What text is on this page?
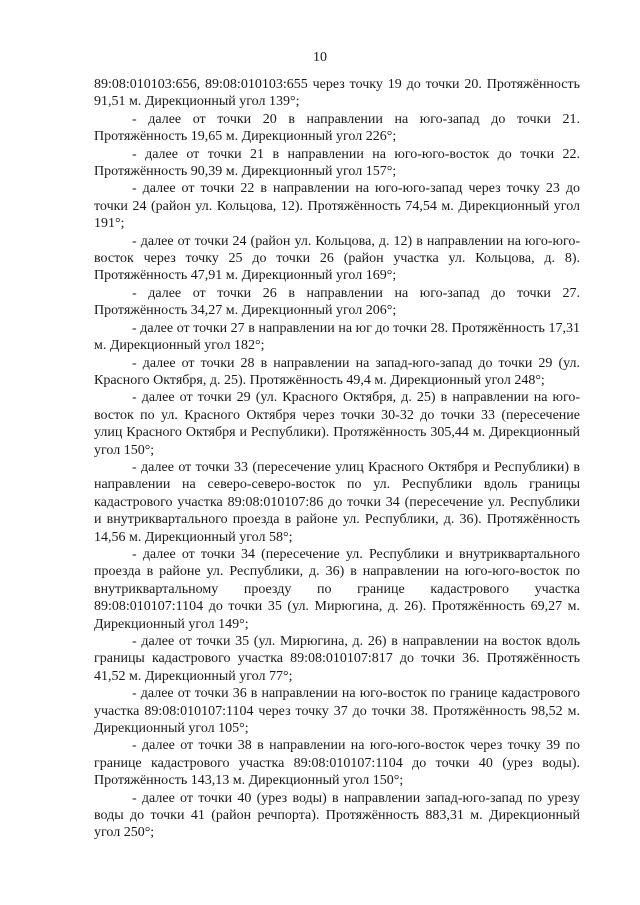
10

89:08:010103:656, 89:08:010103:655 через точку 19 до точки 20. Протяжённость 91,51 м. Дирекционный угол 139°;

- далее от точки 20 в направлении на юго-запад до точки 21. Протяжённость 19,65 м. Дирекционный угол 226°;

- далее от точки 21 в направлении на юго-юго-восток до точки 22. Протяжённость 90,39 м. Дирекционный угол 157°;

- далее от точки 22 в направлении на юго-юго-запад через точку 23 до точки 24 (район ул. Кольцова, 12). Протяжённость 74,54 м. Дирекционный угол 191°;

- далее от точки 24 (район ул. Кольцова, д. 12) в направлении на юго-юго-восток через точку 25 до точки 26 (район участка ул. Кольцова, д. 8). Протяжённость 47,91 м. Дирекционный угол 169°;

- далее от точки 26 в направлении на юго-запад до точки 27. Протяжённость 34,27 м. Дирекционный угол 206°;

- далее от точки 27 в направлении на юг до точки 28. Протяжённость 17,31 м. Дирекционный угол 182°;

- далее от точки 28 в направлении на запад-юго-запад до точки 29 (ул. Красного Октября, д. 25). Протяжённость 49,4 м. Дирекционный угол 248°;

- далее от точки 29 (ул. Красного Октября, д. 25) в направлении на юго-восток по ул. Красного Октября через точки 30-32 до точки 33 (пересечение улиц Красного Октября и Республики). Протяжённость 305,44 м. Дирекционный угол 150°;

- далее от точки 33 (пересечение улиц Красного Октября и Республики) в направлении на северо-северо-восток по ул. Республики вдоль границы кадастрового участка 89:08:010107:86 до точки 34 (пересечение ул. Республики и внутриквартального проезда в районе ул. Республики, д. 36). Протяжённость 14,56 м. Дирекционный угол 58°;

- далее от точки 34 (пересечение ул. Республики и внутриквартального проезда в районе ул. Республики, д. 36) в направлении на юго-юго-восток по внутриквартальному проезду по границе кадастрового участка 89:08:010107:1104 до точки 35 (ул. Мирюгина, д. 26). Протяжённость 69,27 м. Дирекционный угол 149°;

- далее от точки 35 (ул. Мирюгина, д. 26) в направлении на восток вдоль границы кадастрового участка 89:08:010107:817 до точки 36. Протяжённость 41,52 м. Дирекционный угол 77°;

- далее от точки 36 в направлении на юго-восток по границе кадастрового участка 89:08:010107:1104 через точку 37 до точки 38. Протяжённость 98,52 м. Дирекционный угол 105°;

- далее от точки 38 в направлении на юго-юго-восток через точку 39 по границе кадастрового участка 89:08:010107:1104 до точки 40 (урез воды). Протяжённость 143,13 м. Дирекционный угол 150°;

- далее от точки 40 (урез воды) в направлении запад-юго-запад по урезу воды до точки 41 (район речпорта). Протяжённость 883,31 м. Дирекционный угол 250°;
